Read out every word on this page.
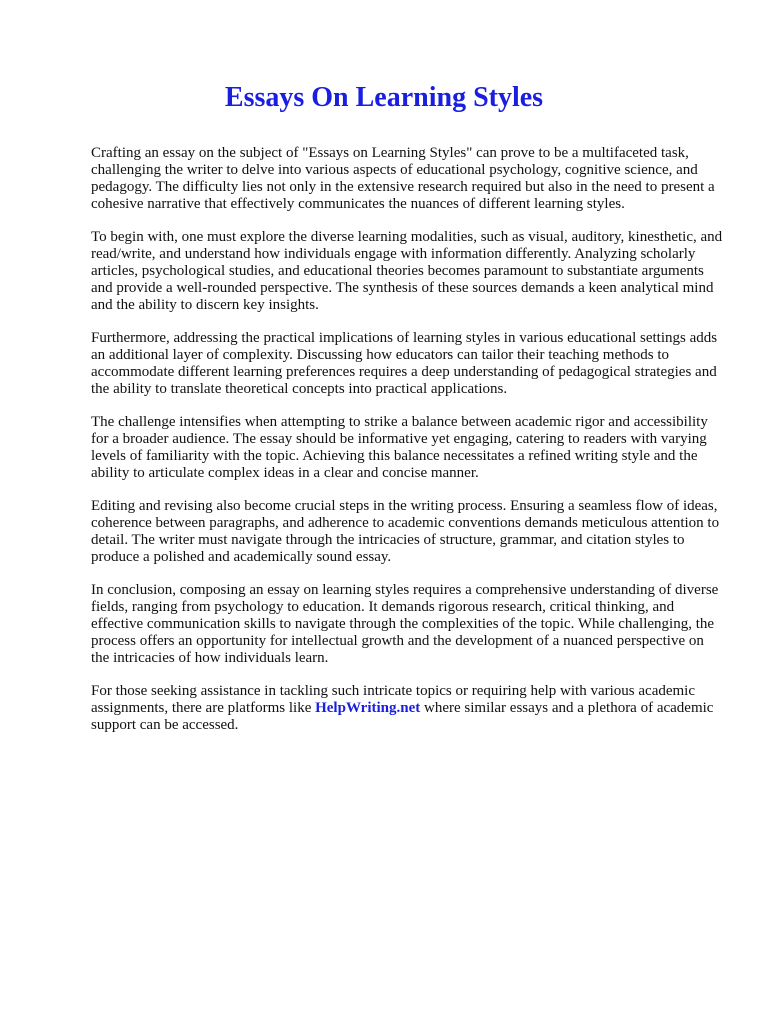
Essays On Learning Styles

Crafting an essay on the subject of "Essays on Learning Styles" can prove to be a multifaceted task, challenging the writer to delve into various aspects of educational psychology, cognitive science, and pedagogy. The difficulty lies not only in the extensive research required but also in the need to present a cohesive narrative that effectively communicates the nuances of different learning styles.

To begin with, one must explore the diverse learning modalities, such as visual, auditory, kinesthetic, and read/write, and understand how individuals engage with information differently. Analyzing scholarly articles, psychological studies, and educational theories becomes paramount to substantiate arguments and provide a well-rounded perspective. The synthesis of these sources demands a keen analytical mind and the ability to discern key insights.

Furthermore, addressing the practical implications of learning styles in various educational settings adds an additional layer of complexity. Discussing how educators can tailor their teaching methods to accommodate different learning preferences requires a deep understanding of pedagogical strategies and the ability to translate theoretical concepts into practical applications.

The challenge intensifies when attempting to strike a balance between academic rigor and accessibility for a broader audience. The essay should be informative yet engaging, catering to readers with varying levels of familiarity with the topic. Achieving this balance necessitates a refined writing style and the ability to articulate complex ideas in a clear and concise manner.

Editing and revising also become crucial steps in the writing process. Ensuring a seamless flow of ideas, coherence between paragraphs, and adherence to academic conventions demands meticulous attention to detail. The writer must navigate through the intricacies of structure, grammar, and citation styles to produce a polished and academically sound essay.

In conclusion, composing an essay on learning styles requires a comprehensive understanding of diverse fields, ranging from psychology to education. It demands rigorous research, critical thinking, and effective communication skills to navigate through the complexities of the topic. While challenging, the process offers an opportunity for intellectual growth and the development of a nuanced perspective on the intricacies of how individuals learn.

For those seeking assistance in tackling such intricate topics or requiring help with various academic assignments, there are platforms like HelpWriting.net where similar essays and a plethora of academic support can be accessed.
